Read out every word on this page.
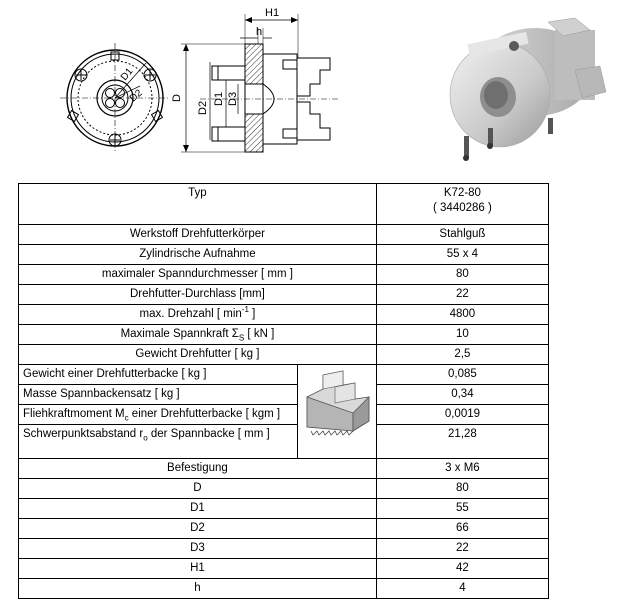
D1
D2
H1
h
D
D2
D1 D3
Typ		K72-80
( 3440286 )

Werkstoff Drehfutterkörper		Stahlguß
Zylindrische Aufnahme		55 x 4
maximaler Spanndurchmesser [ mm ]		80
Drehfutter-Durchlass [mm]		22
max. Drehzahl [ $\min^{-1}$ ]		4800
Maximale Spannkraft $\Sigma_S$ [ kN ]		10
Gewicht Drehfutter [ kg ]		2,5
Gewicht einer Drehfutterbacke [ kg ]		0,085
Masse Spannbackensatz [ kg ]		0,34
Fliehkraftmoment $M_c$ einer Drehfutterbacke [ kgm ]		0,0019
Schwerpunktsabstand $r_o$ der Spannbacke [ mm ]		21,28
Befestigung		3 x M6
D		80
D1		55
D2		66
D3		22
H1		42
h		4
